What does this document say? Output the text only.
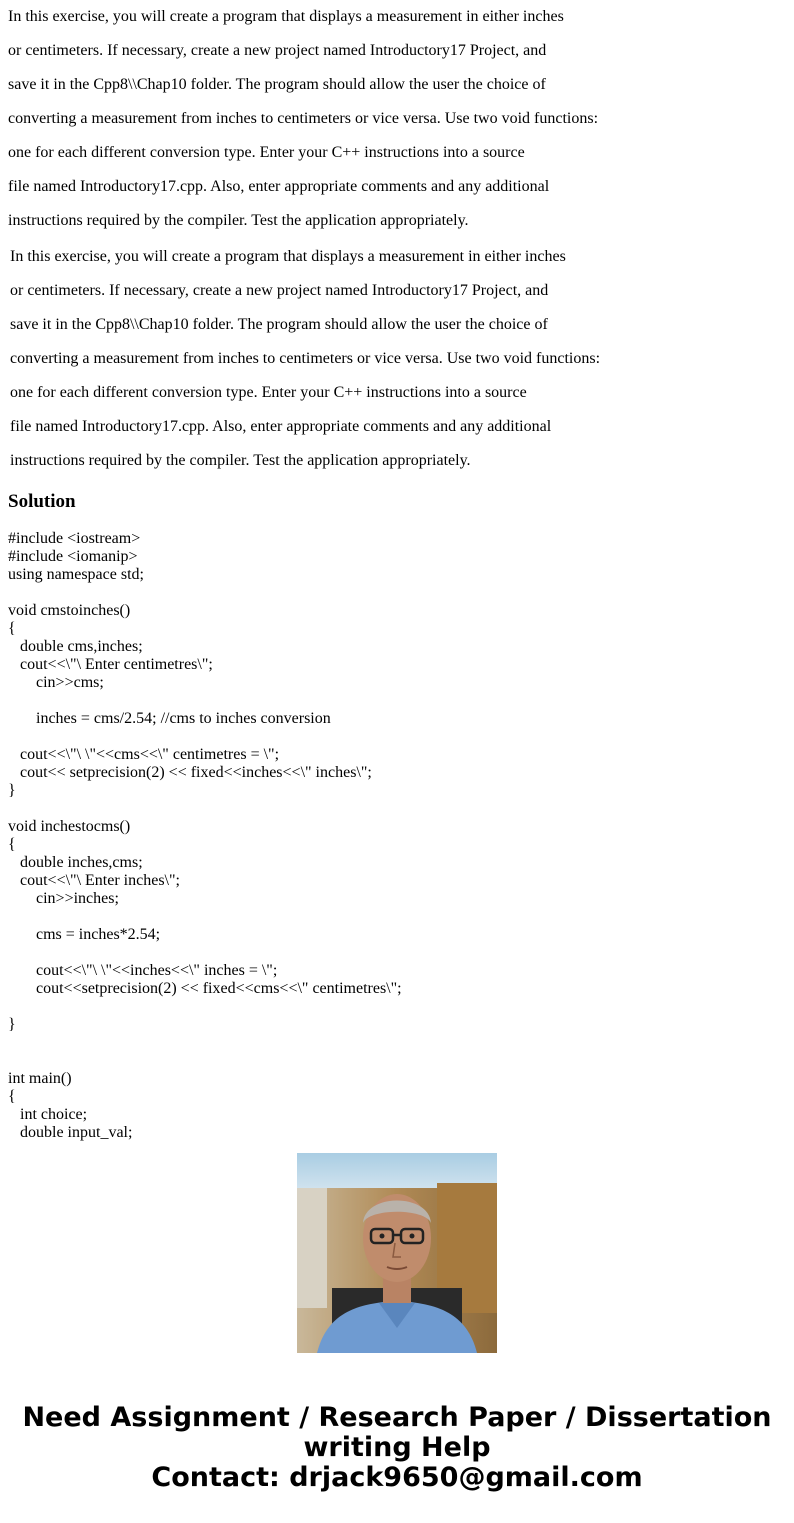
In this exercise, you will create a program that displays a measurement in either inches

or centimeters. If necessary, create a new project named Introductory17 Project, and

save it in the Cpp8\\Chap10 folder. The program should allow the user the choice of

converting a measurement from inches to centimeters or vice versa. Use two void functions:

one for each different conversion type. Enter your C++ instructions into a source

file named Introductory17.cpp. Also, enter appropriate comments and any additional

instructions required by the compiler. Test the application appropriately.

In this exercise, you will create a program that displays a measurement in either inches

or centimeters. If necessary, create a new project named Introductory17 Project, and

save it in the Cpp8\\Chap10 folder. The program should allow the user the choice of

converting a measurement from inches to centimeters or vice versa. Use two void functions:

one for each different conversion type. Enter your C++ instructions into a source

file named Introductory17.cpp. Also, enter appropriate comments and any additional

instructions required by the compiler. Test the application appropriately.

Solution
#include <iostream>
#include <iomanip>
using namespace std;
void cmstoinches()
{
double cms,inches;
cout<<\"\ Enter centimetres\";
cin>>cms;
inches = cms/2.54; //cms to inches conversion
cout<<\"\ \"<<cms<<\" centimetres = \";
cout<< setprecision(2) << fixed<<inches<<\" inches\";
}
void inchestocms()
{
double inches,cms;
cout<<\"\ Enter inches\";
cin>>inches;
cms = inches*2.54;
cout<<\"\ \"<<inches<<\" inches = \";
cout<<setprecision(2) << fixed<<cms<<\" centimetres\";
}
int main()
{
int choice;
double input_val;
Need Assignment / Research Paper / Dissertation
writing Help
Contact: drjack9650@gmail.com
